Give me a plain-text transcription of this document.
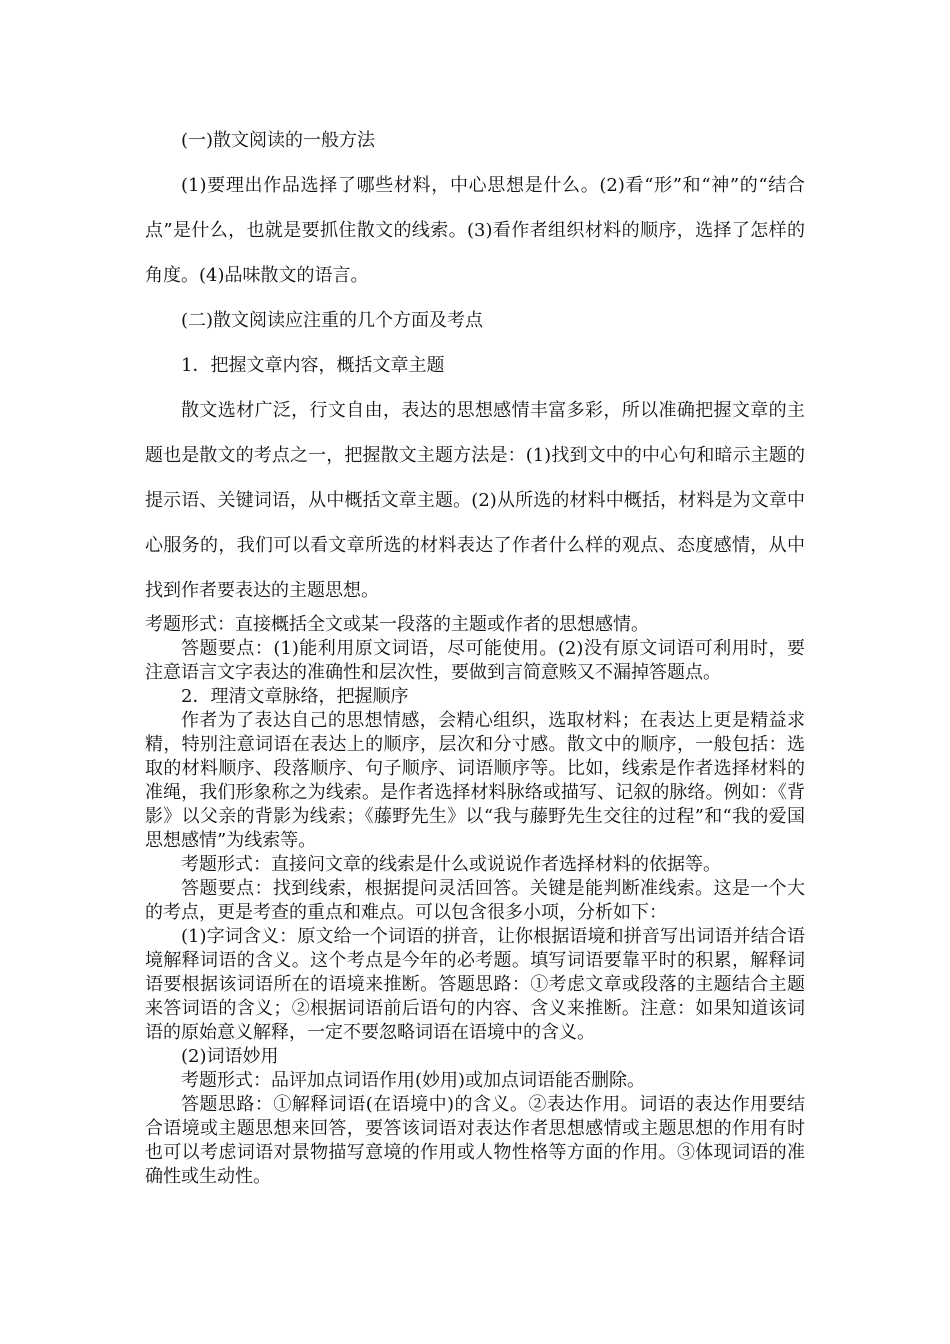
(一)散文阅读的一般方法

(1)要理出作品选择了哪些材料，中心思想是什么。(2)看“形”和“神”的“结合点”是什么，也就是要抓住散文的线索。(3)看作者组织材料的顺序，选择了怎样的角度。(4)品味散文的语言。

(二)散文阅读应注重的几个方面及考点

1．把握文章内容，概括文章主题

散文选材广泛，行文自由，表达的思想感情丰富多彩，所以准确把握文章的主题也是散文的考点之一，把握散文主题方法是：(1)找到文中的中心句和暗示主题的提示语、关键词语，从中概括文章主题。(2)从所选的材料中概括，材料是为文章中心服务的，我们可以看文章所选的材料表达了作者什么样的观点、态度感情，从中找到作者要表达的主题思想。

考题形式：直接概括全文或某一段落的主题或作者的思想感情。

答题要点：(1)能利用原文词语，尽可能使用。(2)没有原文词语可利用时，要注意语言文字表达的准确性和层次性，要做到言简意赅又不漏掉答题点。

2．理清文章脉络，把握顺序

作者为了表达自己的思想情感，会精心组织，选取材料；在表达上更是精益求精，特别注意词语在表达上的顺序，层次和分寸感。散文中的顺序，一般包括：选取的材料顺序、段落顺序、句子顺序、词语顺序等。比如，线索是作者选择材料的准绳，我们形象称之为线索。是作者选择材料脉络或描写、记叙的脉络。例如：《背影》以父亲的背影为线索；《藤野先生》以“我与藤野先生交往的过程”和“我的爱国思想感情”为线索等。

考题形式：直接问文章的线索是什么或说说作者选择材料的依据等。

答题要点：找到线索，根据提问灵活回答。关键是能判断准线索。这是一个大的考点，更是考查的重点和难点。可以包含很多小项，分析如下：

(1)字词含义：原文给一个词语的拼音，让你根据语境和拼音写出词语并结合语境解释词语的含义。这个考点是今年的必考题。填写词语要靠平时的积累，解释词语要根据该词语所在的语境来推断。答题思路：①考虑文章或段落的主题结合主题来答词语的含义；②根据词语前后语句的内容、含义来推断。注意：如果知道该词语的原始意义解释，一定不要忽略词语在语境中的含义。

(2)词语妙用

考题形式：品评加点词语作用(妙用)或加点词语能否删除。

答题思路：①解释词语(在语境中)的含义。②表达作用。词语的表达作用要结合语境或主题思想来回答，要答该词语对表达作者思想感情或主题思想的作用有时也可以考虑词语对景物描写意境的作用或人物性格等方面的作用。③体现词语的准确性或生动性。
